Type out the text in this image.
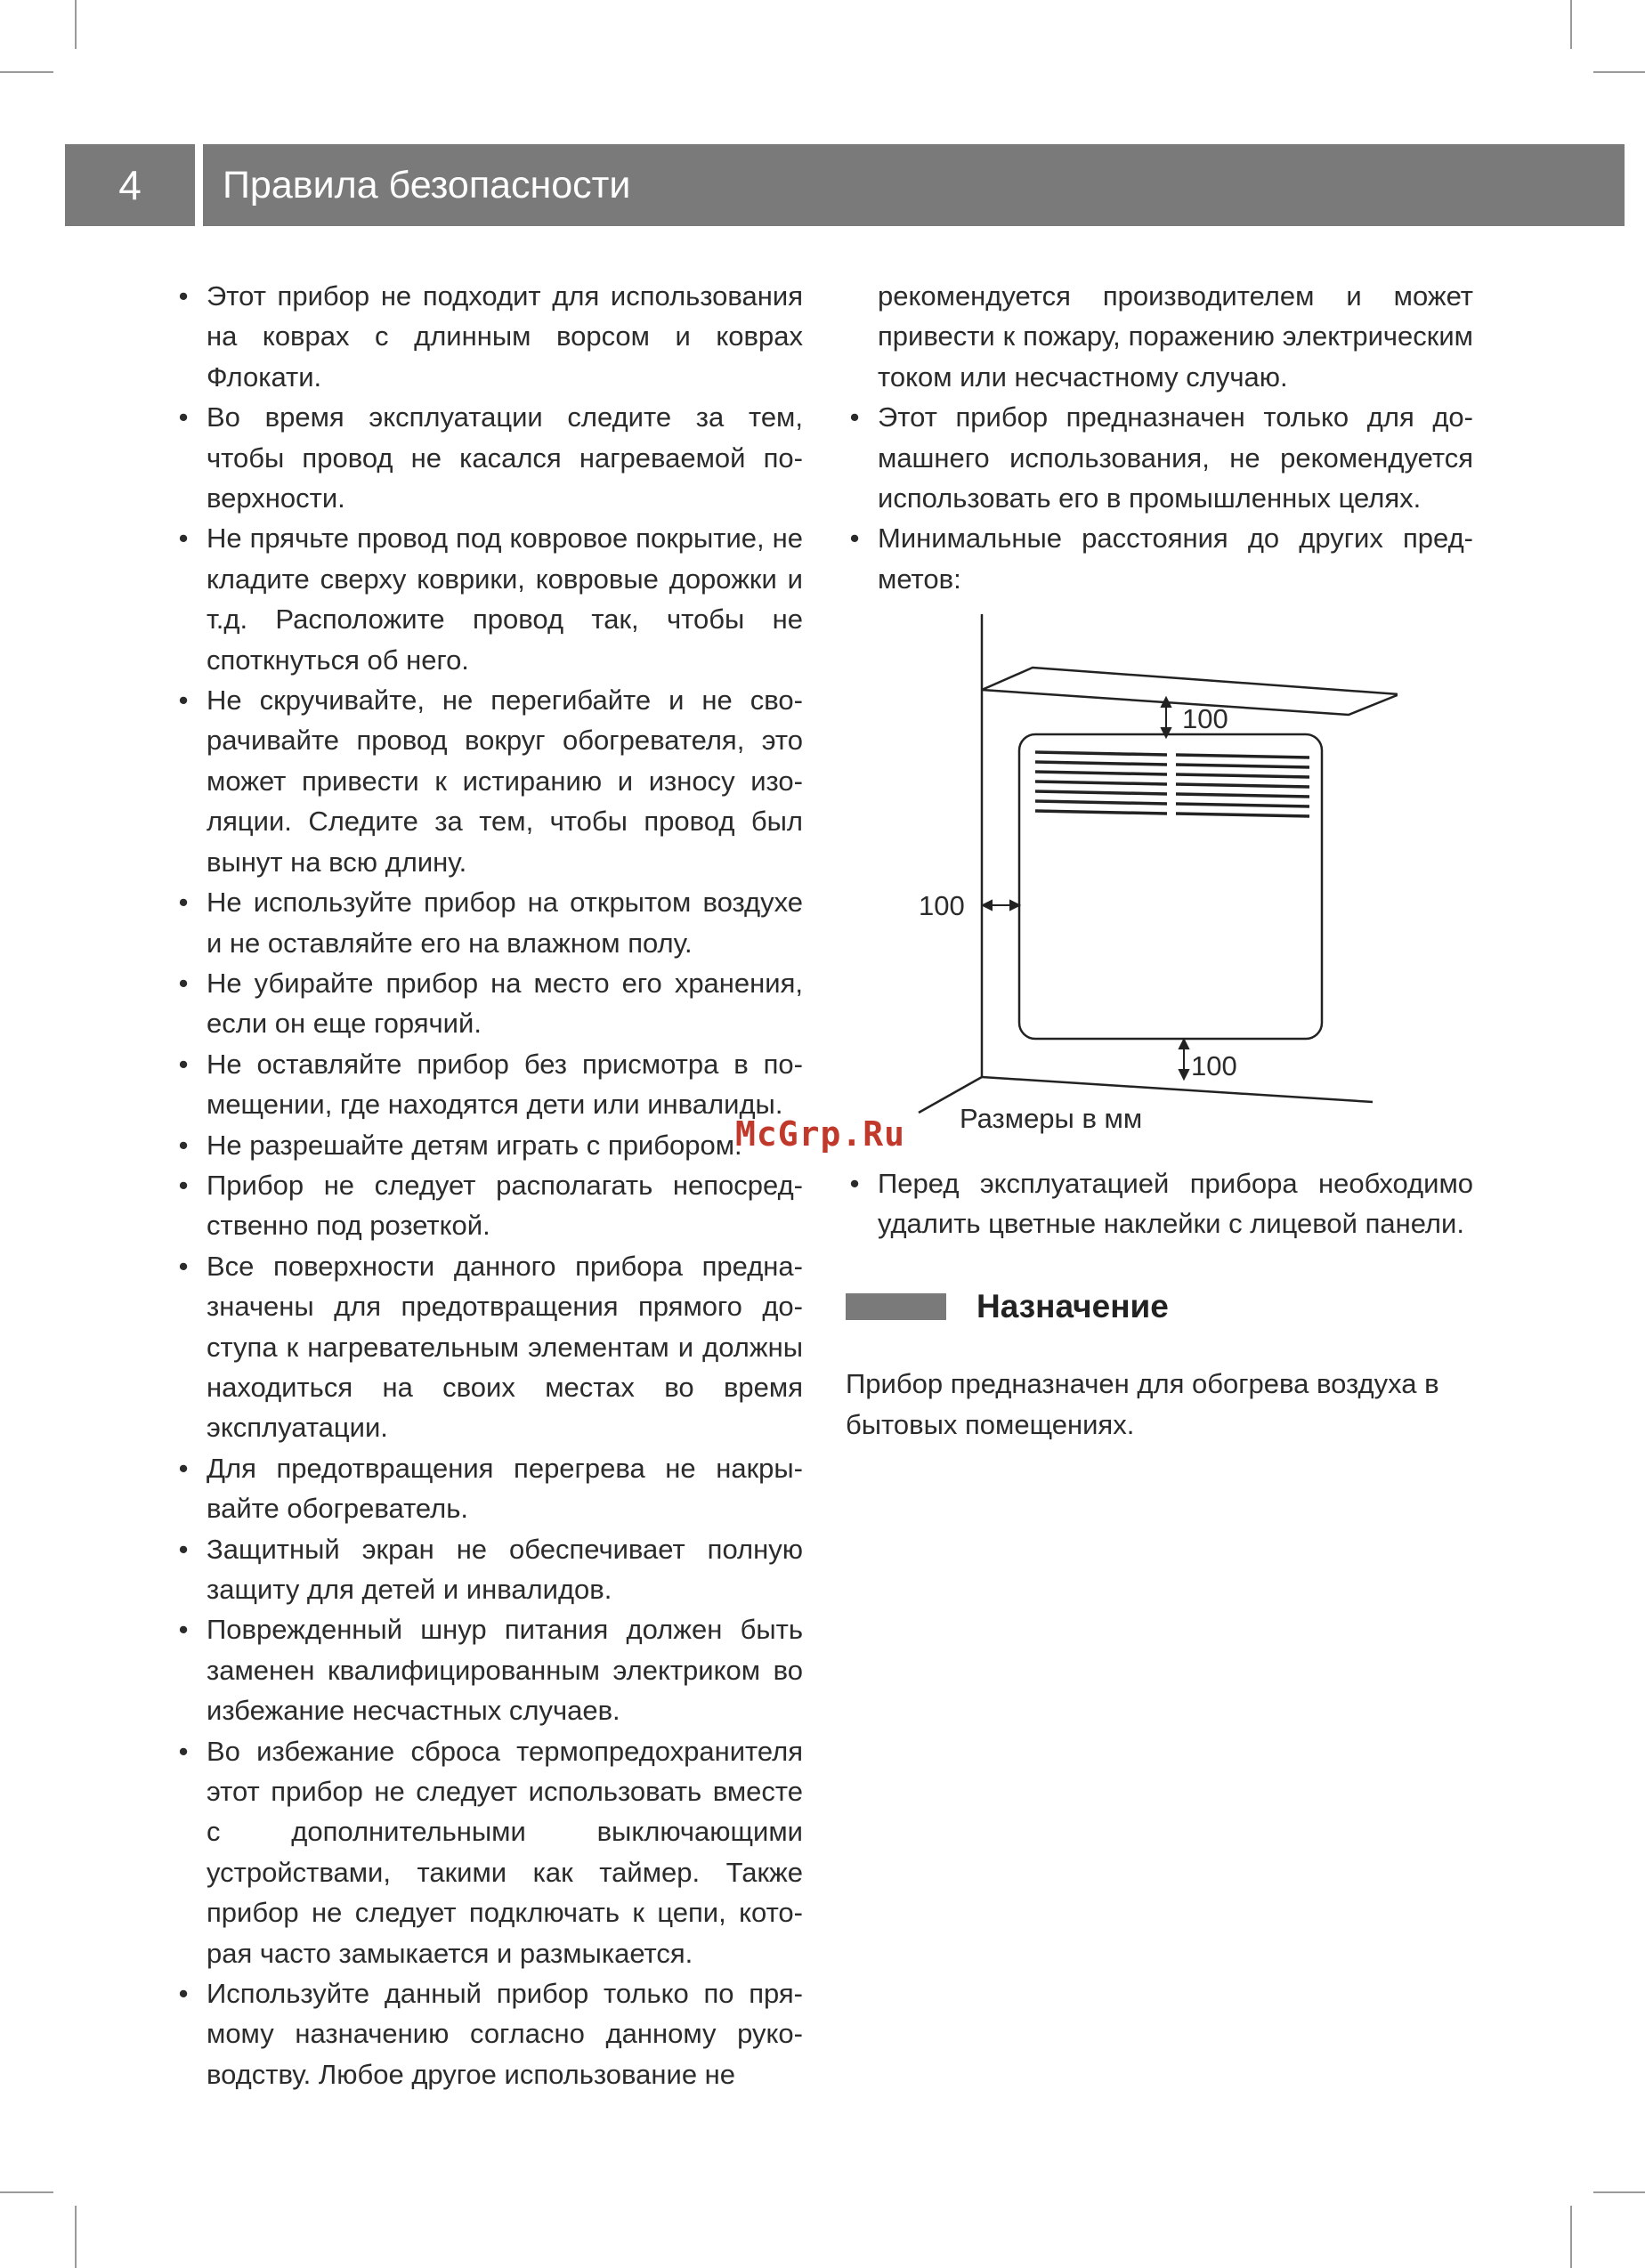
4	Правила безопасности
• Этот прибор не подходит для использования на коврах с длинным ворсом и коврах Флокати.
• Во время эксплуатации следите за тем, чтобы провод не касался нагреваемой поверхности.
• Не прячьте провод под ковровое покрытие, не кладите сверху коврики, ковровые дорожки и т.д. Расположите провод так, чтобы не споткнуться об него.
• Не скручивайте, не перегибайте и не сворачивайте провод вокруг обогревателя, это может привести к истиранию и износу изоляции. Следите за тем, чтобы провод был вынут на всю длину.
• Не используйте прибор на открытом воздухе и не оставляйте его на влажном полу.
• Не убирайте прибор на место его хранения, если он еще горячий.
• Не оставляйте прибор без присмотра в помещении, где находятся дети или инвалиды.
• Не разрешайте детям играть с прибором.
• Прибор не следует располагать непосредственно под розеткой.
• Все поверхности данного прибора предназначены для предотвращения прямого доступа к нагревательным элементам и должны находиться на своих местах во время эксплуатации.
• Для предотвращения перегрева не накрывайте обогреватель.
• Защитный экран не обеспечивает полную защиту для детей и инвалидов.
• Поврежденный шнур питания должен быть заменен квалифицированным электриком во избежание несчастных случаев.
• Во избежание сброса термопредохранителя этот прибор не следует использовать вместе с дополнительными выключающими устройствами, такими как таймер. Также прибор не следует подключать к цепи, которая часто замыкается и размыкается.
• Используйте данный прибор только по прямому назначению согласно данному руководству. Любое другое использование не
рекомендуется производителем и может привести к пожару, поражению электрическим током или несчастному случаю.
• Этот прибор предназначен только для домашнего использования, не рекомендуется использовать его в промышленных целях.
• Минимальные расстояния до других предметов:
100
100
100
Размеры в мм
McGrp.Ru
• Перед эксплуатацией прибора необходимо удалить цветные наклейки с лицевой панели.
Назначение
Прибор предназначен для обогрева воздуха в бытовых помещениях.
